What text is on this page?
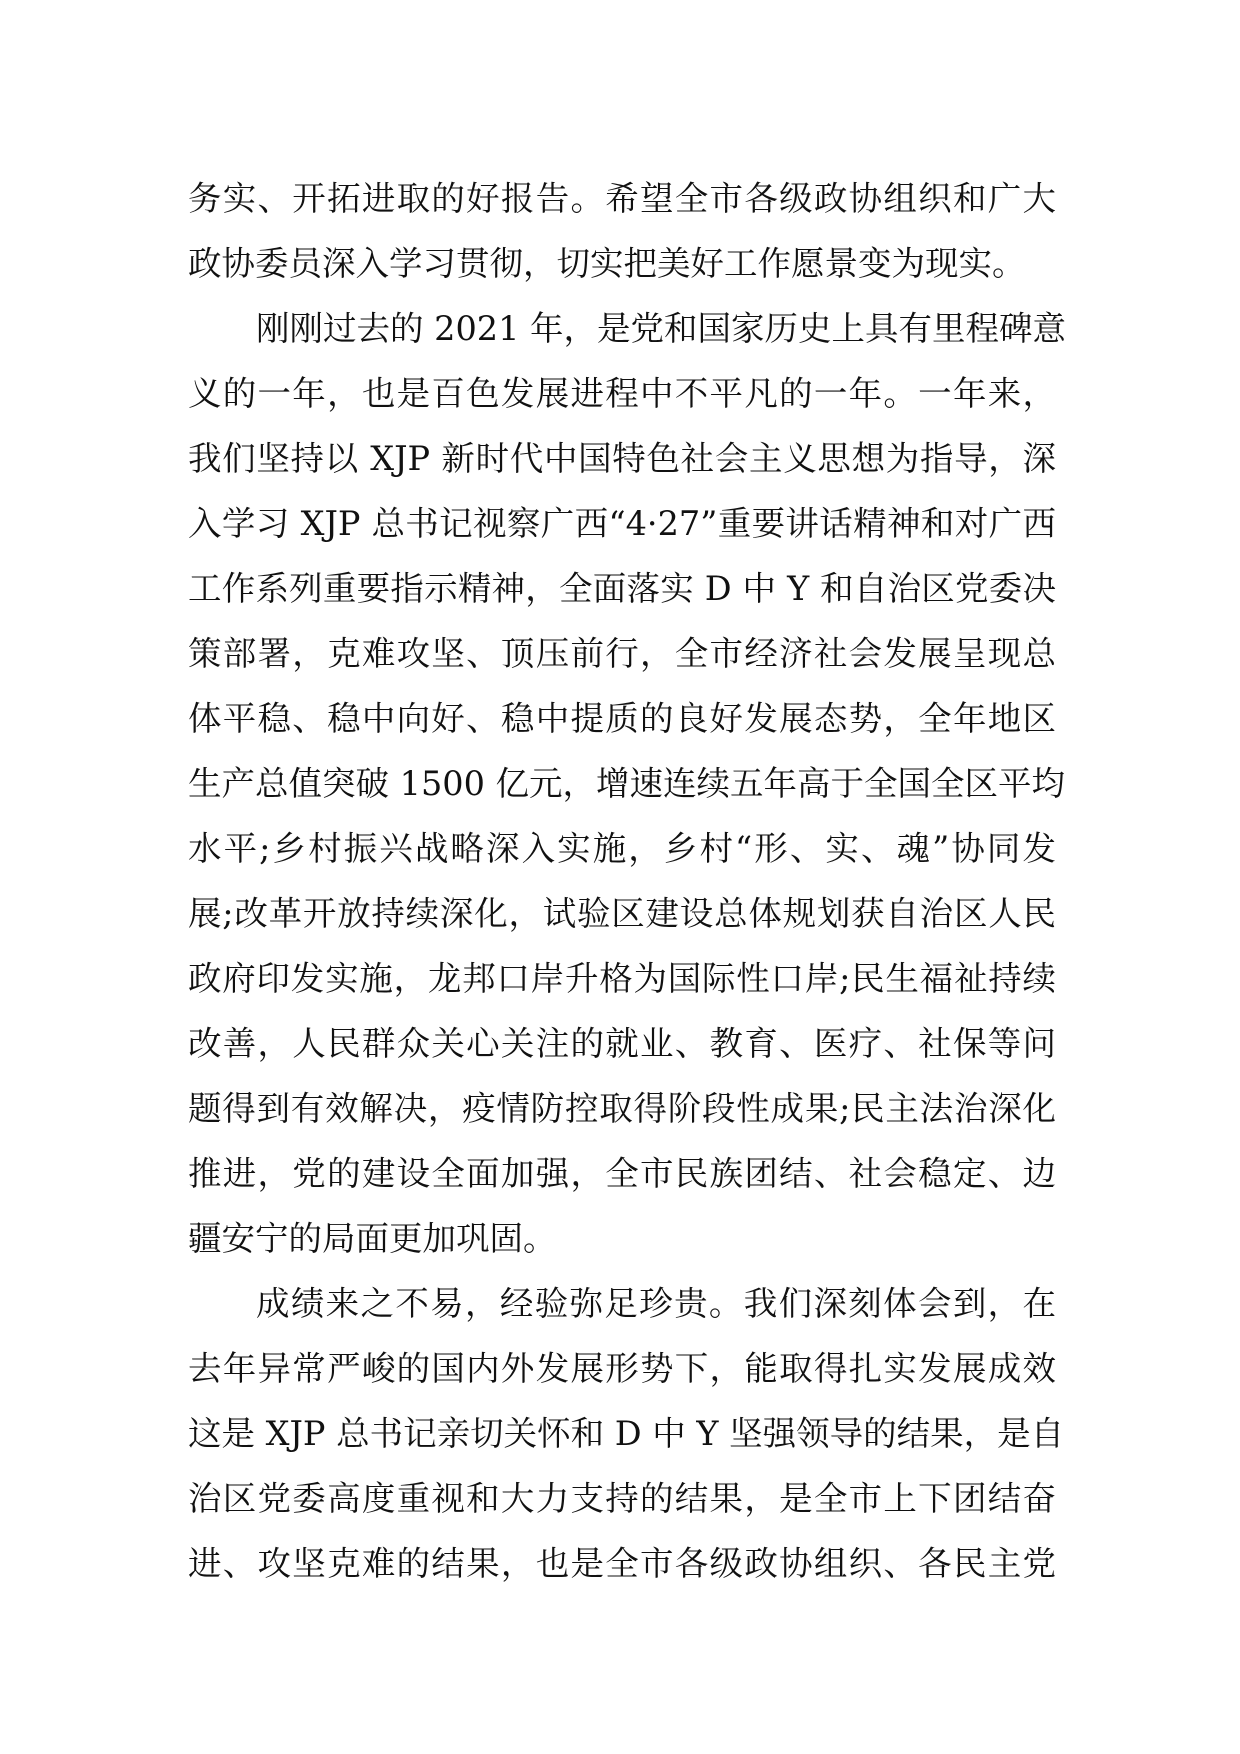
务实、开拓进取的好报告。希望全市各级政协组织和广大
政协委员深入学习贯彻，切实把美好工作愿景变为现实。
刚刚过去的 2021 年，是党和国家历史上具有里程碑意
义的一年，也是百色发展进程中不平凡的一年。一年来，
我们坚持以 XJP 新时代中国特色社会主义思想为指导，深
入学习 XJP 总书记视察广西“4·27”重要讲话精神和对广西
工作系列重要指示精神，全面落实 D 中 Y 和自治区党委决
策部署，克难攻坚、顶压前行，全市经济社会发展呈现总
体平稳、稳中向好、稳中提质的良好发展态势，全年地区
生产总值突破 1500 亿元，增速连续五年高于全国全区平均
水平;乡村振兴战略深入实施，乡村“形、实、魂”协同发
展;改革开放持续深化，试验区建设总体规划获自治区人民
政府印发实施，龙邦口岸升格为国际性口岸;民生福祉持续
改善，人民群众关心关注的就业、教育、医疗、社保等问
题得到有效解决，疫情防控取得阶段性成果;民主法治深化
推进，党的建设全面加强，全市民族团结、社会稳定、边
疆安宁的局面更加巩固。
成绩来之不易，经验弥足珍贵。我们深刻体会到，在
去年异常严峻的国内外发展形势下，能取得扎实发展成效
这是 XJP 总书记亲切关怀和 D 中 Y 坚强领导的结果，是自
治区党委高度重视和大力支持的结果，是全市上下团结奋
进、攻坚克难的结果，也是全市各级政协组织、各民主党
